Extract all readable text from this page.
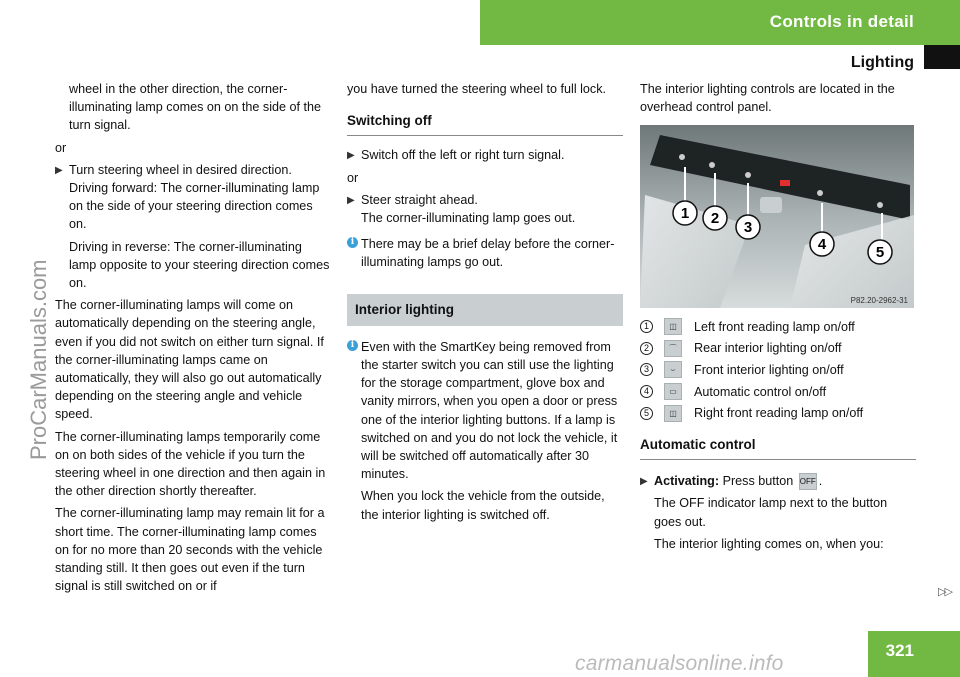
Controls in detail
Lighting
ProCarManuals.com

wheel in the other direction, the corner-illuminating lamp comes on on the side of the turn signal.

or

▶ Turn steering wheel in desired direction. Driving forward: The corner-illuminating lamp on the side of your steering direction comes on.

Driving in reverse: The corner-illuminating lamp opposite to your steering direction comes on.

The corner-illuminating lamps will come on automatically depending on the steering angle, even if you did not switch on either turn signal. If the corner-illuminating lamps came on automatically, they will also go out automatically depending on the steering angle and vehicle speed.

The corner-illuminating lamps temporarily come on on both sides of the vehicle if you turn the steering wheel in one direction and then again in the other direction shortly thereafter.

The corner-illuminating lamp may remain lit for a short time. The corner-illuminating lamp comes on for no more than 20 seconds with the vehicle standing still. It then goes out even if the turn signal is still switched on or if

you have turned the steering wheel to full lock.

Switching off

▶ Switch off the left or right turn signal.

or

▶ Steer straight ahead.

The corner-illuminating lamp goes out.

i There may be a brief delay before the corner-illuminating lamps go out.

Interior lighting

i Even with the SmartKey being removed from the starter switch you can still use the lighting for the storage compartment, glove box and vanity mirrors, when you open a door or press one of the interior lighting buttons. If a lamp is switched on and you do not lock the vehicle, it will be switched off automatically after 30 minutes.

When you lock the vehicle from the outside, the interior lighting is switched off.

The interior lighting controls are located in the overhead control panel.

1 2
3
4	5
P82.20-2962-31
1	◫	Left front reading lamp on/off
2	⌒	Rear interior lighting on/off
3	⌣	Front interior lighting on/off
4	▭	Automatic control on/off
5	◫	Right front reading lamp on/off
Automatic control

▶ Activating: Press button OFF .

The OFF indicator lamp next to the button goes out.

The interior lighting comes on, when you:

▷▷
carmanualsonline.info
321
